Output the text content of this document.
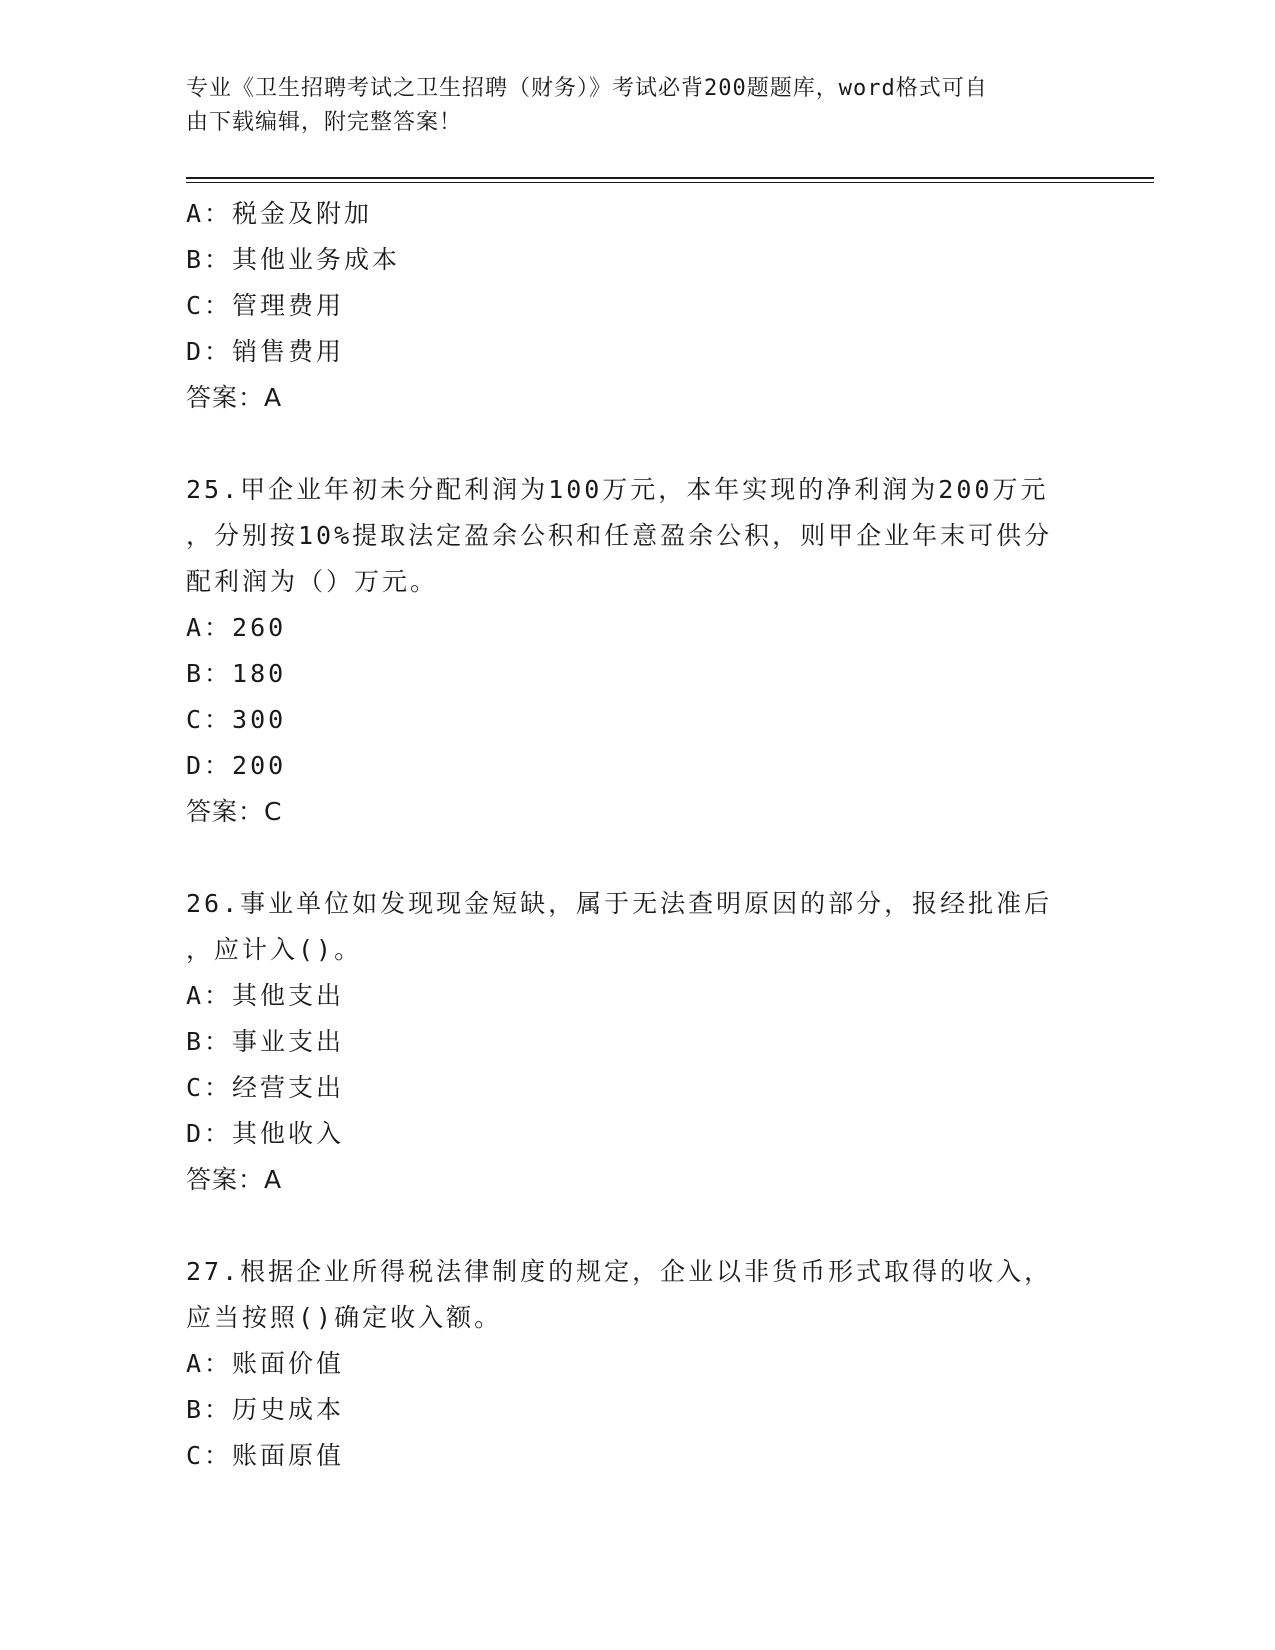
专业《卫生招聘考试之卫生招聘（财务）》考试必背200题题库，word格式可自
由下载编辑，附完整答案！
A：税金及附加
B：其他业务成本
C：管理费用
D：销售费用
答案：A
25.甲企业年初未分配利润为100万元，本年实现的净利润为200万元
，分别按10%提取法定盈余公积和任意盈余公积，则甲企业年末可供分
配利润为（）万元。
A：260
B：180
C：300
D：200
答案：C
26.事业单位如发现现金短缺，属于无法查明原因的部分，报经批准后
，应计入()。
A：其他支出
B：事业支出
C：经营支出
D：其他收入
答案：A
27.根据企业所得税法律制度的规定，企业以非货币形式取得的收入，
应当按照()确定收入额。
A：账面价值
B：历史成本
C：账面原值
